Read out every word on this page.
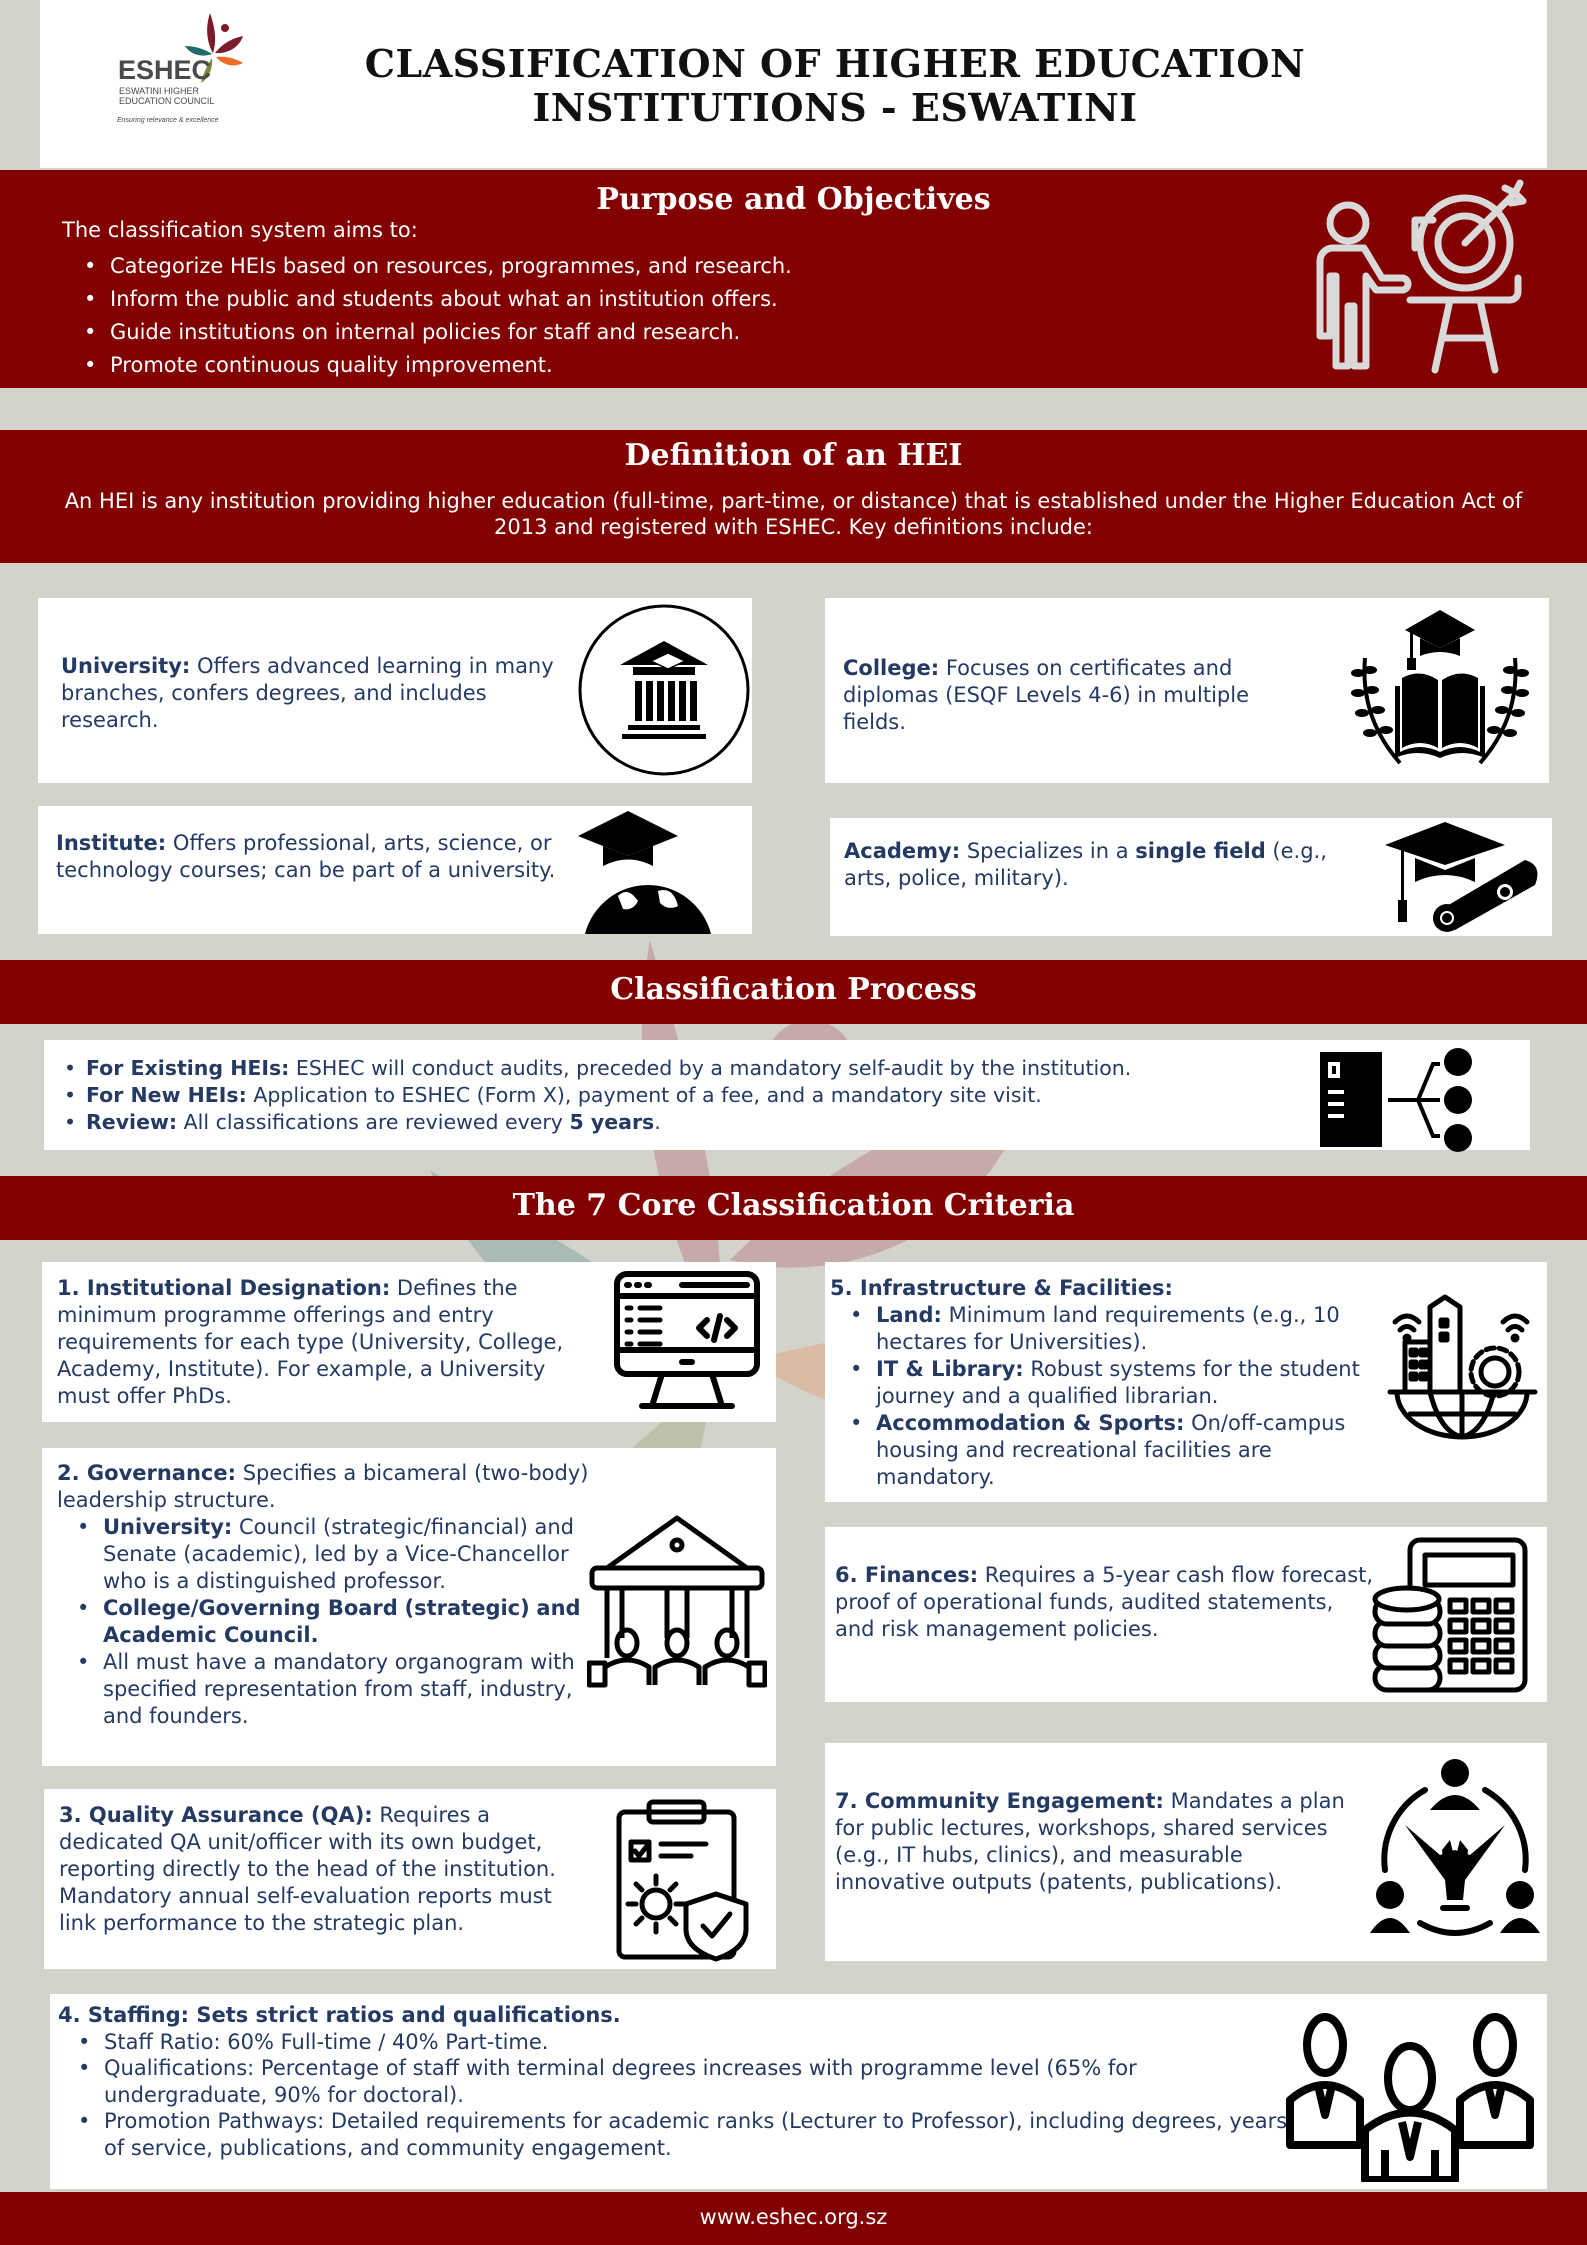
ESHEC
ESWATINI HIGHER
EDUCATION COUNCIL
Ensuring relevance & excellence
CLASSIFICATION OF HIGHER EDUCATION
INSTITUTIONS - ESWATINI
Purpose and Objectives
The classification system aims to:
• Categorize HEIs based on resources, programmes, and research.
• Inform the public and students about what an institution offers.
• Guide institutions on internal policies for staff and research.
• Promote continuous quality improvement.
Definition of an HEI
An HEI is any institution providing higher education (full-time, part-time, or distance) that is established under the Higher Education Act of 2013 and registered with ESHEC. Key definitions include:
University: Offers advanced learning in many branches, confers degrees, and includes research.
College: Focuses on certificates and diplomas (ESQF Levels 4-6) in multiple fields.
Institute: Offers professional, arts, science, or technology courses; can be part of a university.
Academy: Specializes in a single field (e.g., arts, police, military).
Classification Process
• For Existing HEIs: ESHEC will conduct audits, preceded by a mandatory self-audit by the institution.
• For New HEIs: Application to ESHEC (Form X), payment of a fee, and a mandatory site visit.
• Review: All classifications are reviewed every 5 years.
The 7 Core Classification Criteria
1. Institutional Designation: Defines the minimum programme offerings and entry requirements for each type (University, College, Academy, Institute). For example, a University must offer PhDs.
2. Governance: Specifies a bicameral (two-body) leadership structure.
• University: Council (strategic/financial) and Senate (academic), led by a Vice-Chancellor who is a distinguished professor.
• College/Governing Board (strategic) and Academic Council.
• All must have a mandatory organogram with specified representation from staff, industry, and founders.
3. Quality Assurance (QA): Requires a dedicated QA unit/officer with its own budget, reporting directly to the head of the institution. Mandatory annual self-evaluation reports must link performance to the strategic plan.
5. Infrastructure & Facilities:
• Land: Minimum land requirements (e.g., 10 hectares for Universities).
• IT & Library: Robust systems for the student journey and a qualified librarian.
• Accommodation & Sports: On/off-campus housing and recreational facilities are mandatory.
6. Finances: Requires a 5-year cash flow forecast, proof of operational funds, audited statements, and risk management policies.
7. Community Engagement: Mandates a plan for public lectures, workshops, shared services (e.g., IT hubs, clinics), and measurable innovative outputs (patents, publications).
4. Staffing: Sets strict ratios and qualifications.
• Staff Ratio: 60% Full-time / 40% Part-time.
• Qualifications: Percentage of staff with terminal degrees increases with programme level (65% for undergraduate, 90% for doctoral).
• Promotion Pathways: Detailed requirements for academic ranks (Lecturer to Professor), including degrees, years of service, publications, and community engagement.
www.eshec.org.sz
